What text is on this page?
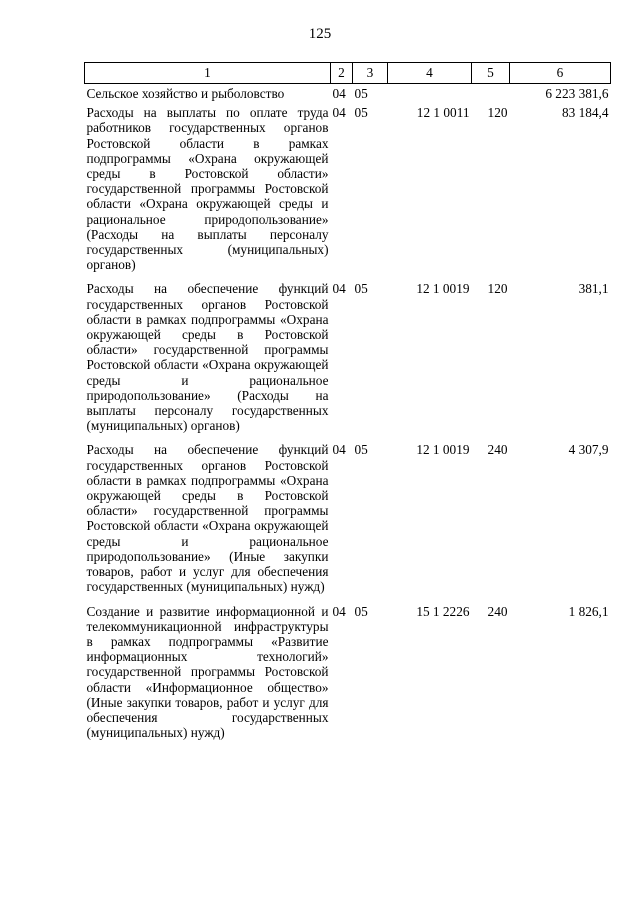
125
1	2	3	4	5	6
Сельское хозяйство и рыболовство	04	05			6 223 381,6
Расходы на выплаты по оплате труда работников государственных органов Ростовской области в рамках подпрограммы «Охрана окружающей среды в Ростовской области» государственной программы Ростовской области «Охрана окружающей среды и рациональное природопользование» (Расходы на выплаты персоналу государственных (муниципальных) органов)	04	05	12 1 0011	120	83 184,4
Расходы на обеспечение функций государственных органов Ростовской области в рамках подпрограммы «Охрана окружающей среды в Ростовской области» государственной программы Ростовской области «Охрана окружающей среды и рациональное природопользование» (Расходы на выплаты персоналу государственных (муниципальных) органов)	04	05	12 1 0019	120	381,1
Расходы на обеспечение функций государственных органов Ростовской области в рамках подпрограммы «Охрана окружающей среды в Ростовской области» государственной программы Ростовской области «Охрана окружающей среды и рациональное природопользование» (Иные закупки товаров, работ и услуг для обеспечения государственных (муниципальных) нужд)	04	05	12 1 0019	240	4 307,9
Создание и развитие информационной и телекоммуникационной инфраструктуры в рамках подпрограммы «Развитие информационных технологий» государственной программы Ростовской области «Информационное общество» (Иные закупки товаров, работ и услуг для обеспечения государственных (муниципальных) нужд)	04	05	15 1 2226	240	1 826,1
